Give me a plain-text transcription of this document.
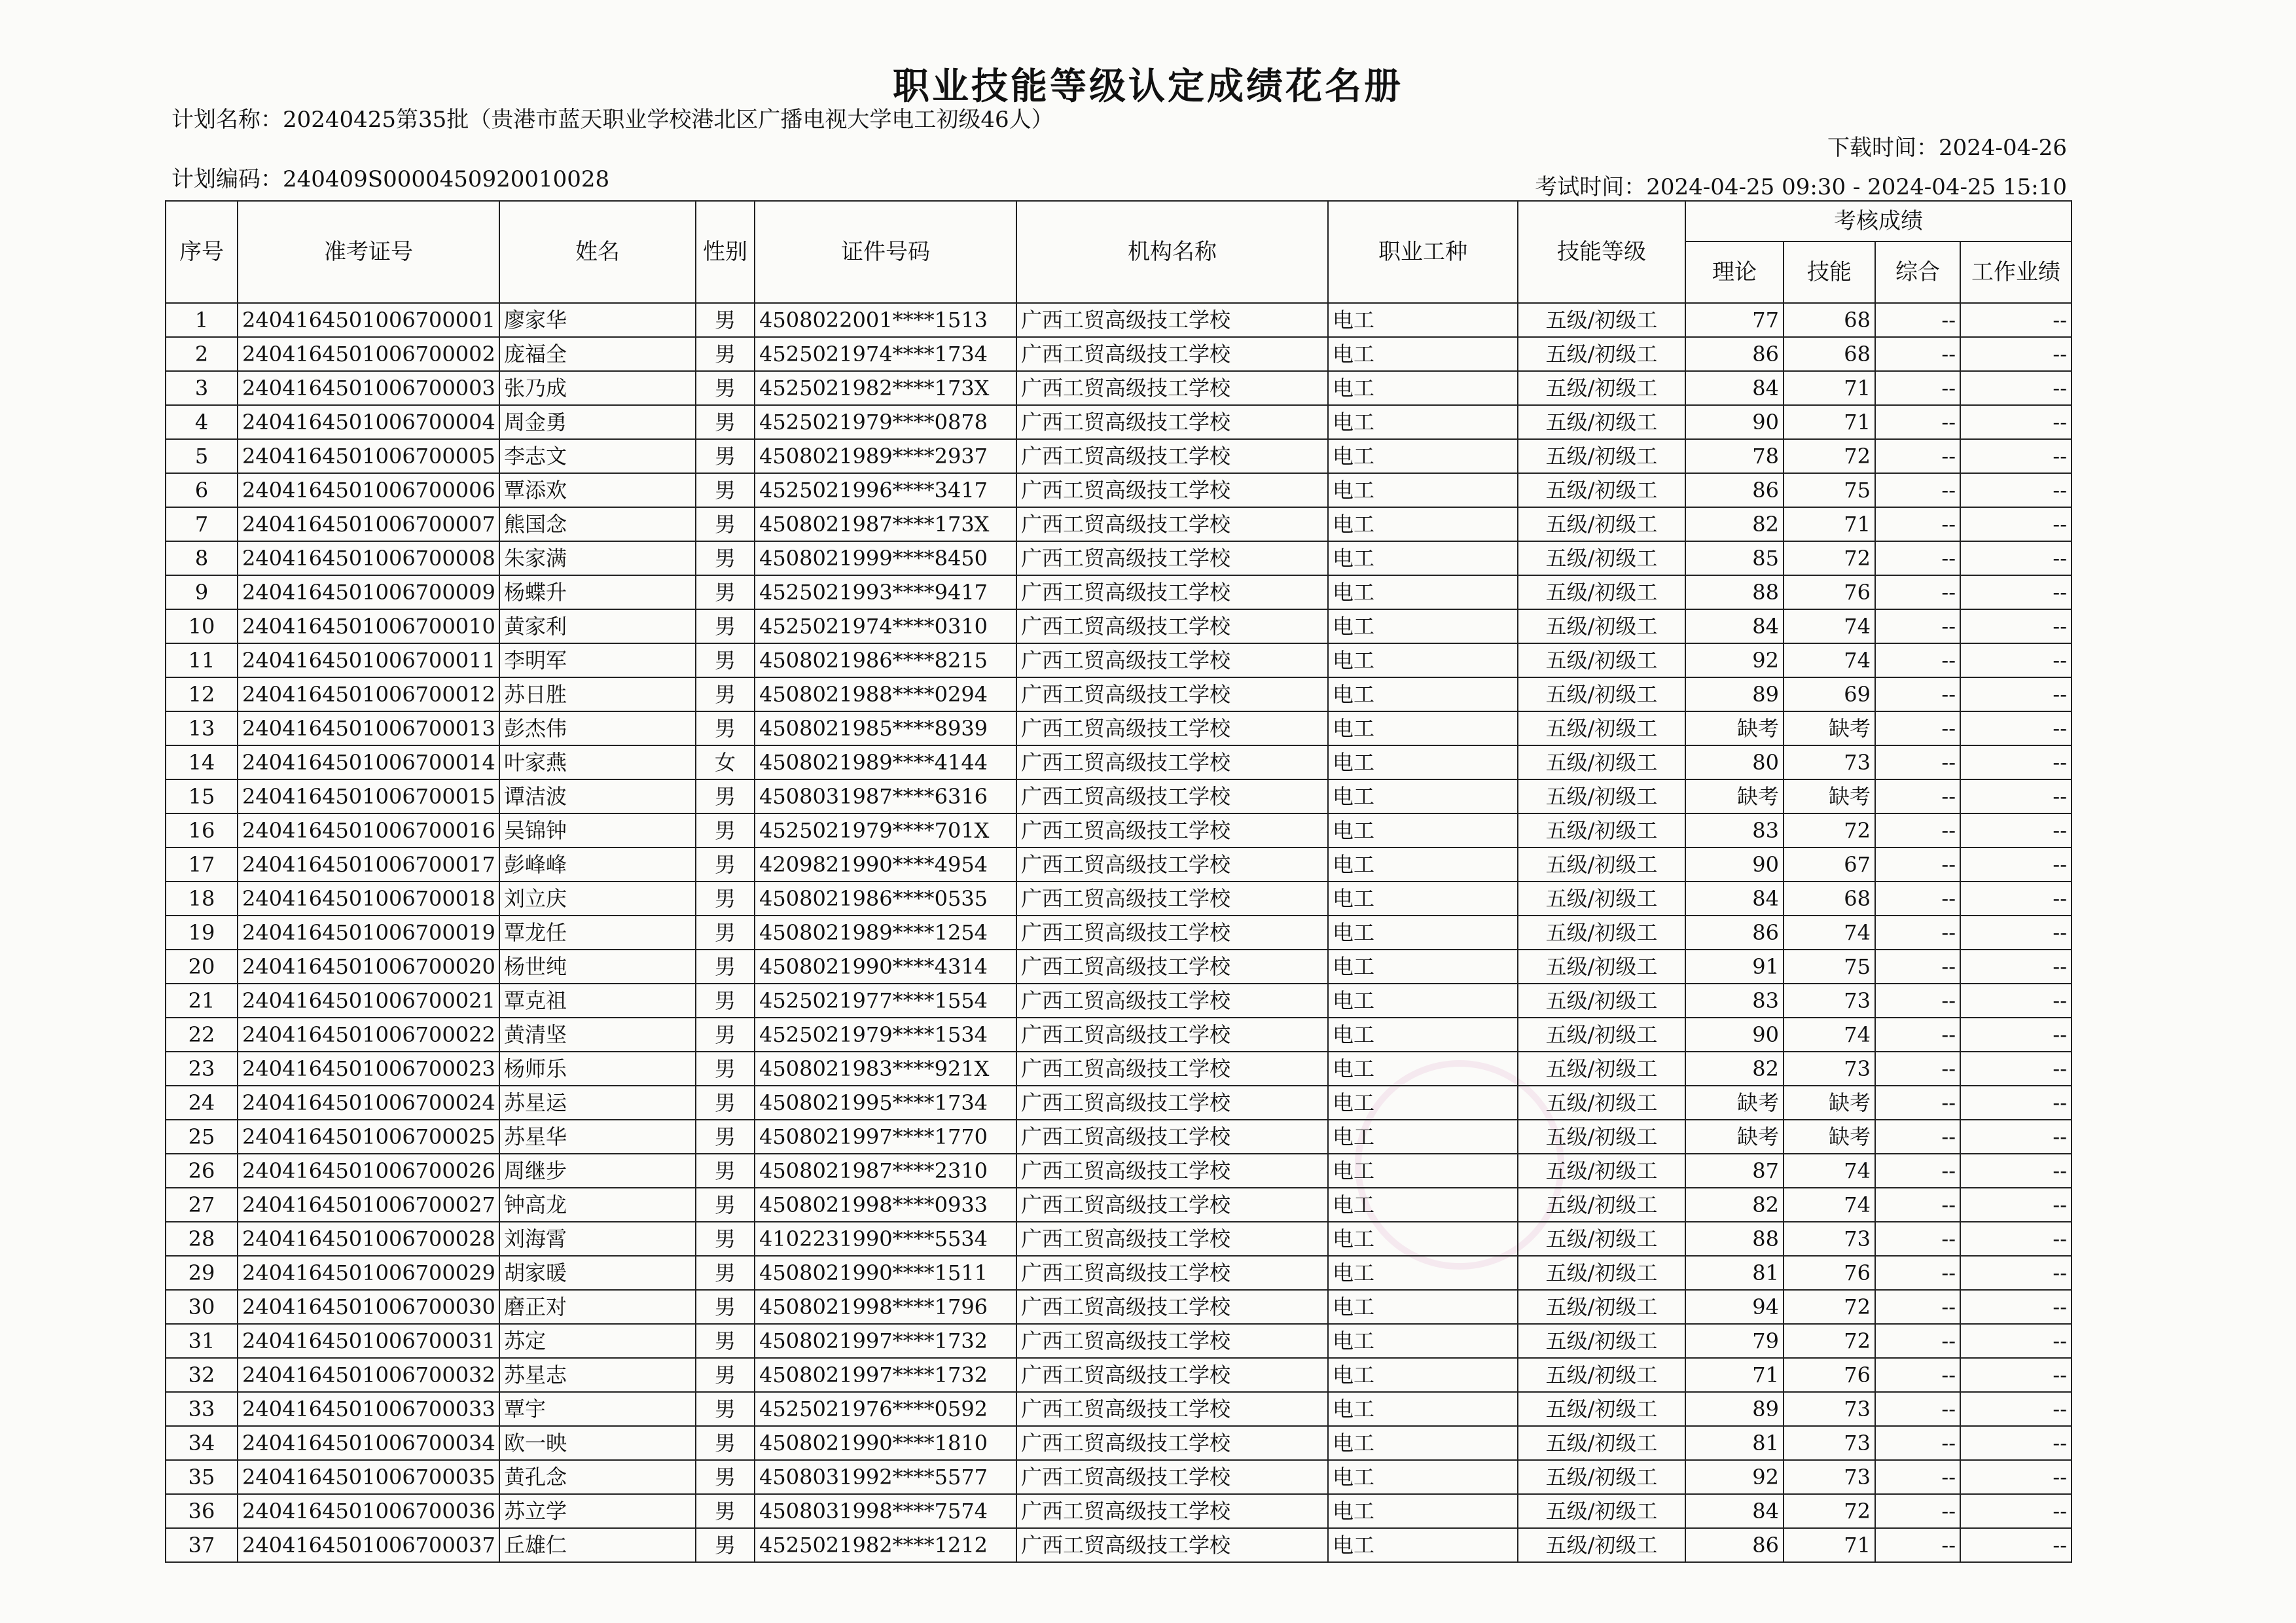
职业技能等级认定成绩花名册
计划名称：20240425第35批（贵港市蓝天职业学校港北区广播电视大学电工初级46人）
计划编码：240409S0000450920010028
下载时间：2024-04-26
考试时间：2024-04-25 09:30 - 2024-04-25 15:10
序号	准考证号	姓名	性别	证件号码	机构名称	职业工种	技能等级	考核成绩			
								理论	技能	综合	工作业绩
1	2404164501006700001	廖家华	男	4508022001****1513	广西工贸高级技工学校	电工	五级/初级工	77	68	--	--
2	2404164501006700002	庞福全	男	4525021974****1734	广西工贸高级技工学校	电工	五级/初级工	86	68	--	--
3	2404164501006700003	张乃成	男	4525021982****173X	广西工贸高级技工学校	电工	五级/初级工	84	71	--	--
4	2404164501006700004	周金勇	男	4525021979****0878	广西工贸高级技工学校	电工	五级/初级工	90	71	--	--
5	2404164501006700005	李志文	男	4508021989****2937	广西工贸高级技工学校	电工	五级/初级工	78	72	--	--
6	2404164501006700006	覃添欢	男	4525021996****3417	广西工贸高级技工学校	电工	五级/初级工	86	75	--	--
7	2404164501006700007	熊国念	男	4508021987****173X	广西工贸高级技工学校	电工	五级/初级工	82	71	--	--
8	2404164501006700008	朱家满	男	4508021999****8450	广西工贸高级技工学校	电工	五级/初级工	85	72	--	--
9	2404164501006700009	杨蝶升	男	4525021993****9417	广西工贸高级技工学校	电工	五级/初级工	88	76	--	--
10	2404164501006700010	黄家利	男	4525021974****0310	广西工贸高级技工学校	电工	五级/初级工	84	74	--	--
11	2404164501006700011	李明军	男	4508021986****8215	广西工贸高级技工学校	电工	五级/初级工	92	74	--	--
12	2404164501006700012	苏日胜	男	4508021988****0294	广西工贸高级技工学校	电工	五级/初级工	89	69	--	--
13	2404164501006700013	彭杰伟	男	4508021985****8939	广西工贸高级技工学校	电工	五级/初级工	缺考	缺考	--	--
14	2404164501006700014	叶家燕	女	4508021989****4144	广西工贸高级技工学校	电工	五级/初级工	80	73	--	--
15	2404164501006700015	谭洁波	男	4508031987****6316	广西工贸高级技工学校	电工	五级/初级工	缺考	缺考	--	--
16	2404164501006700016	吴锦钟	男	4525021979****701X	广西工贸高级技工学校	电工	五级/初级工	83	72	--	--
17	2404164501006700017	彭峰峰	男	4209821990****4954	广西工贸高级技工学校	电工	五级/初级工	90	67	--	--
18	2404164501006700018	刘立庆	男	4508021986****0535	广西工贸高级技工学校	电工	五级/初级工	84	68	--	--
19	2404164501006700019	覃龙任	男	4508021989****1254	广西工贸高级技工学校	电工	五级/初级工	86	74	--	--
20	2404164501006700020	杨世纯	男	4508021990****4314	广西工贸高级技工学校	电工	五级/初级工	91	75	--	--
21	2404164501006700021	覃克祖	男	4525021977****1554	广西工贸高级技工学校	电工	五级/初级工	83	73	--	--
22	2404164501006700022	黄清坚	男	4525021979****1534	广西工贸高级技工学校	电工	五级/初级工	90	74	--	--
23	2404164501006700023	杨师乐	男	4508021983****921X	广西工贸高级技工学校	电工	五级/初级工	82	73	--	--
24	2404164501006700024	苏星运	男	4508021995****1734	广西工贸高级技工学校	电工	五级/初级工	缺考	缺考	--	--
25	2404164501006700025	苏星华	男	4508021997****1770	广西工贸高级技工学校	电工	五级/初级工	缺考	缺考	--	--
26	2404164501006700026	周继步	男	4508021987****2310	广西工贸高级技工学校	电工	五级/初级工	87	74	--	--
27	2404164501006700027	钟高龙	男	4508021998****0933	广西工贸高级技工学校	电工	五级/初级工	82	74	--	--
28	2404164501006700028	刘海霄	男	4102231990****5534	广西工贸高级技工学校	电工	五级/初级工	88	73	--	--
29	2404164501006700029	胡家暖	男	4508021990****1511	广西工贸高级技工学校	电工	五级/初级工	81	76	--	--
30	2404164501006700030	磨正对	男	4508021998****1796	广西工贸高级技工学校	电工	五级/初级工	94	72	--	--
31	2404164501006700031	苏定	男	4508021997****1732	广西工贸高级技工学校	电工	五级/初级工	79	72	--	--
32	2404164501006700032	苏星志	男	4508021997****1732	广西工贸高级技工学校	电工	五级/初级工	71	76	--	--
33	2404164501006700033	覃宇	男	4525021976****0592	广西工贸高级技工学校	电工	五级/初级工	89	73	--	--
34	2404164501006700034	欧一映	男	4508021990****1810	广西工贸高级技工学校	电工	五级/初级工	81	73	--	--
35	2404164501006700035	黄孔念	男	4508031992****5577	广西工贸高级技工学校	电工	五级/初级工	92	73	--	--
36	2404164501006700036	苏立学	男	4508031998****7574	广西工贸高级技工学校	电工	五级/初级工	84	72	--	--
37	2404164501006700037	丘雄仁	男	4525021982****1212	广西工贸高级技工学校	电工	五级/初级工	86	71	--	--
